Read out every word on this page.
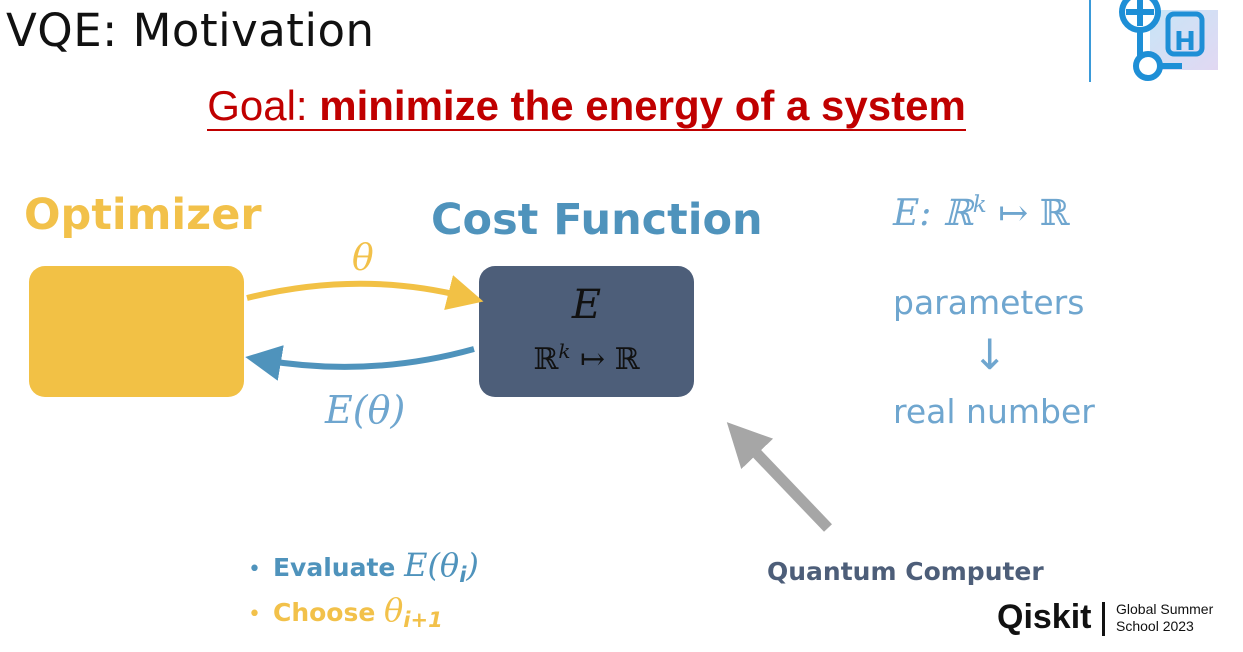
VQE: Motivation
Goal: minimize the energy of a system
H
Optimizer	Cost Function
E
ℝ$^k$ ↦ ℝ
θ
E(θ)
E: ℝ$^k$ ↦ ℝ
parameters
↓
real number
Quantum Computer
• Evaluate $E(\theta_i)$
• Choose $\theta_{i+1}$	Qiskit Global Summer
School 2023
